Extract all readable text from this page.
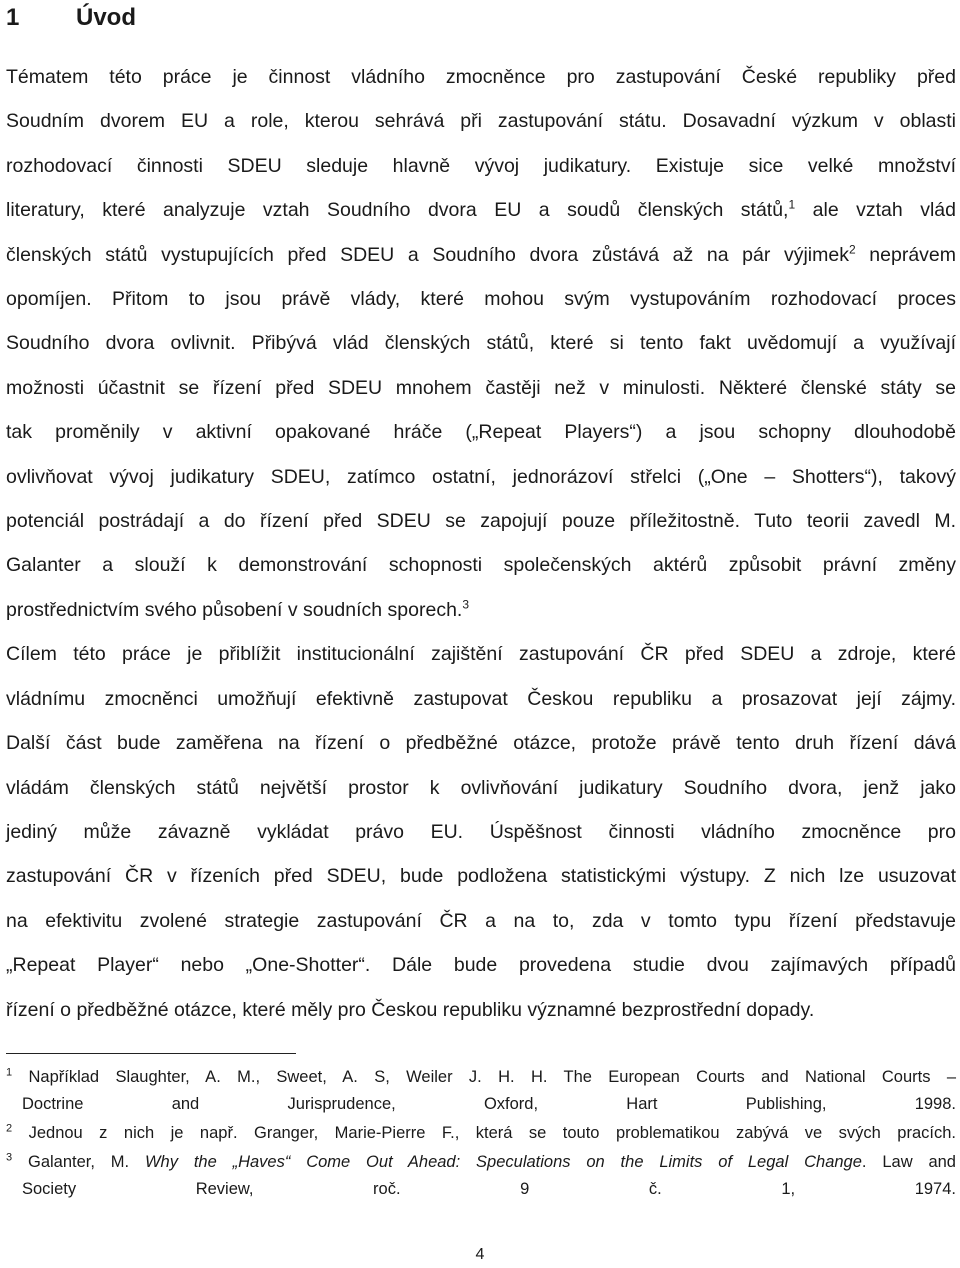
1 Úvod

Tématem této práce je činnost vládního zmocněnce pro zastupování České republiky před
Soudním dvorem EU a role, kterou sehrává při zastupování státu. Dosavadní výzkum v oblasti
rozhodovací činnosti SDEU sleduje hlavně vývoj judikatury. Existuje sice velké množství
literatury, které analyzuje vztah Soudního dvora EU a soudů členských států,$^1$ ale vztah vlád
členských států vystupujících před SDEU a Soudního dvora zůstává až na pár výjimek$^2$ neprávem
opomíjen. Přitom to jsou právě vlády, které mohou svým vystupováním rozhodovací proces
Soudního dvora ovlivnit. Přibývá vlád členských států, které si tento fakt uvědomují a využívají
možnosti účastnit se řízení před SDEU mnohem častěji než v minulosti. Některé členské státy se
tak proměnily v aktivní opakované hráče („Repeat Players“) a jsou schopny dlouhodobě
ovlivňovat vývoj judikatury SDEU, zatímco ostatní, jednorázoví střelci („One – Shotters“), takový
potenciál postrádají a do řízení před SDEU se zapojují pouze příležitostně. Tuto teorii zavedl M.
Galanter a slouží k demonstrování schopnosti společenských aktérů způsobit právní změny
prostřednictvím svého působení v soudních sporech.$^3$

Cílem této práce je přiblížit institucionální zajištění zastupování ČR před SDEU a zdroje, které
vládnímu zmocněnci umožňují efektivně zastupovat Českou republiku a prosazovat její zájmy.
Další část bude zaměřena na řízení o předběžné otázce, protože právě tento druh řízení dává
vládám členských států největší prostor k ovlivňování judikatury Soudního dvora, jenž jako
jediný může závazně vykládat právo EU. Úspěšnost činnosti vládního zmocněnce pro
zastupování ČR v řízeních před SDEU, bude podložena statistickými výstupy. Z nich lze usuzovat
na efektivitu zvolené strategie zastupování ČR a na to, zda v tomto typu řízení představuje
„Repeat Player“ nebo „One-Shotter“. Dále bude provedena studie dvou zajímavých případů
řízení o předběžné otázce, které měly pro Českou republiku významné bezprostřední dopady.

$^1$ Například Slaughter, A. M., Sweet, A. S, Weiler J. H. H. The European Courts and National Courts –
Doctrine and Jurisprudence, Oxford, Hart Publishing, 1998.

$^2$ Jednou z nich je např. Granger, Marie-Pierre F., která se touto problematikou zabývá ve svých pracích.

$^3$ Galanter, M. Why the „Haves“ Come Out Ahead: Speculations on the Limits of Legal Change. Law and
Society Review, roč. 9 č. 1, 1974.

4
